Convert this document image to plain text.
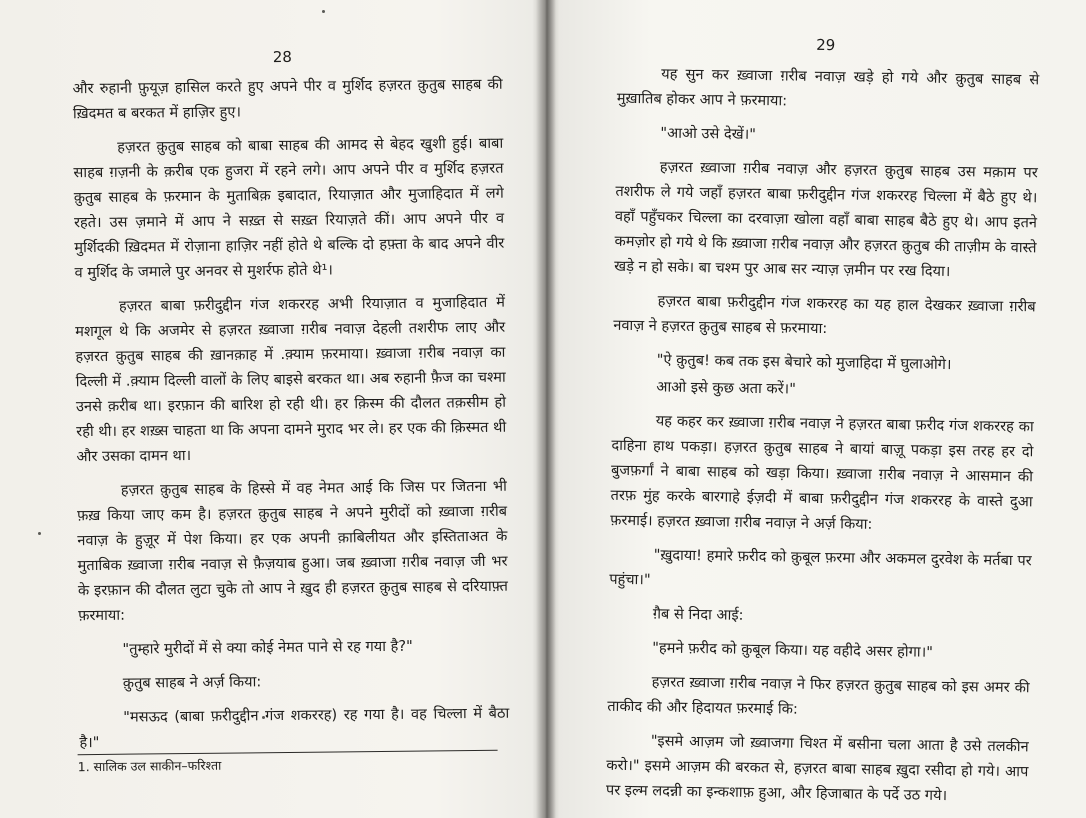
28

और रुहानी फ़ुयूज़ हासिल करते हुए अपने पीर व मुर्शिद हज़रत क़ुतुब साहब की ख़िदमत ब बरकत में हाज़िर हुए।

हज़रत क़ुतुब साहब को बाबा साहब की आमद से बेहद खुशी हुई। बाबा साहब ग़ज़नी के क़रीब एक हुजरा में रहने लगे। आप अपने पीर व मुर्शिद हज़रत क़ुतुब साहब के फ़रमान के मुताबिक़ इबादात, रियाज़ात और मुजाहिदात में लगे रहते। उस ज़माने में आप ने सख़्त से सख़्त रियाज़ते कीं। आप अपने पीर व मुर्शिदकी ख़िदमत में रोज़ाना हाज़िर नहीं होते थे बल्कि दो हफ़्ता के बाद अपने वीर व मुर्शिद के जमाले पुर अनवर से मुशर्रफ होते थे¹।

हज़रत बाबा फ़रीदुद्दीन गंज शकररह अभी रियाज़ात व मुजाहिदात में मशगूल थे कि अजमेर से हज़रत ख़्वाजा ग़रीब नवाज़ देहली तशरीफ लाए और हज़रत क़ुतुब साहब की ख़ानक़ाह में .क़्याम फ़रमाया। ख़्वाजा ग़रीब नवाज़ का दिल्ली में .क़्याम दिल्ली वालों के लिए बाइसे बरकत था। अब रुहानी फ़ैज का चश्मा उनसे क़रीब था। इरफ़ान की बारिश हो रही थी। हर क़िस्म की दौलत तक़सीम हो रही थी। हर शख़्स चाहता था कि अपना दामने मुराद भर ले। हर एक की क़िस्मत थी और उसका दामन था।

हज़रत क़ुतुब साहब के हिस्से में वह नेमत आई कि जिस पर जितना भी फ़ख़ किया जाए कम है। हज़रत क़ुतुब साहब ने अपने मुरीदों को ख़्वाजा ग़रीब नवाज़ के हुज़ूर में पेश किया। हर एक अपनी क़ाबिलीयत और इस्तिताअत के मुताबिक ख़्वाजा ग़रीब नवाज़ से फ़ैज़याब हुआ। जब ख़्वाजा ग़रीब नवाज़ जी भर के इरफ़ान की दौलत लुटा चुके तो आप ने ख़ुद ही हज़रत क़ुतुब साहब से दरियाफ़्त फ़रमाया:

"तुम्हारे मुरीदों में से क्या कोई नेमत पाने से रह गया है?"

क़ुतुब साहब ने अर्ज़ किया:

"मसऊद (बाबा फ़रीदुद्दीन गंज शकररह) रह गया है। वह चिल्ला में बैठा है।"

1. सालिक उल साकीन–फरिश्ता
29

यह सुन कर ख़्वाजा ग़रीब नवाज़ खड़े हो गये और क़ुतुब साहब से मुख़ातिब होकर आप ने फ़रमाया:

"आओ उसे देखें।"

हज़रत ख़्वाजा ग़रीब नवाज़ और हज़रत क़ुतुब साहब उस मक़ाम पर तशरीफ ले गये जहाँ हज़रत बाबा फ़रीदुद्दीन गंज शकररह चिल्ला में बैठे हुए थे। वहाँ पहुँचकर चिल्ला का दरवाज़ा खोला वहाँ बाबा साहब बैठे हुए थे। आप इतने कमज़ोर हो गये थे कि ख़्वाजा ग़रीब नवाज़ और हज़रत क़ुतुब की ताज़ीम के वास्ते खड़े न हो सके। बा चश्म पुर आब सर न्याज़ ज़मीन पर रख दिया।

हज़रत बाबा फ़रीदुद्दीन गंज शकररह का यह हाल देखकर ख़्वाजा ग़रीब नवाज़ ने हज़रत क़ुतुब साहब से फ़रमाया:

"ऐ क़ुतुब! कब तक इस बेचारे को मुजाहिदा में घुलाओगे।

आओ इसे कुछ अता करें।"

यह कहर कर ख़्वाजा ग़रीब नवाज़ ने हज़रत बाबा फ़रीद गंज शकररह का दाहिना हाथ पकड़ा। हज़रत क़ुतुब साहब ने बायां बाज़ू पकड़ा इस तरह हर दो बुजफ़र्गां ने बाबा साहब को खड़ा किया। ख़्वाजा ग़रीब नवाज़ ने आसमान की तरफ़ मुंह करके बारगाहे ईज़दी में बाबा फ़रीदुद्दीन गंज शकररह के वास्ते दुआ फ़रमाई। हज़रत ख़्वाजा ग़रीब नवाज़ ने अर्ज़ किया:

"ख़ुदाया! हमारे फ़रीद को क़ुबूल फ़रमा और अकमल दुरवेश के मर्तबा पर पहुंचा।"

ग़ैब से निदा आई:

"हमने फ़रीद को क़ुबूल किया। यह वहीदे असर होगा।"

हज़रत ख़्वाजा ग़रीब नवाज़ ने फिर हज़रत क़ुतुब साहब को इस अमर की ताकीद की और हिदायत फ़रमाई कि:

"इसमे आज़म जो ख़्वाजगा चिश्त में बसीना चला आता है उसे तलकीन करो।" इसमे आज़म की बरकत से, हज़रत बाबा साहब ख़ुदा रसीदा हो गये। आप पर इल्म लदन्नी का इन्कशाफ़ हुआ, और हिजाबात के पर्दे उठ गये।
